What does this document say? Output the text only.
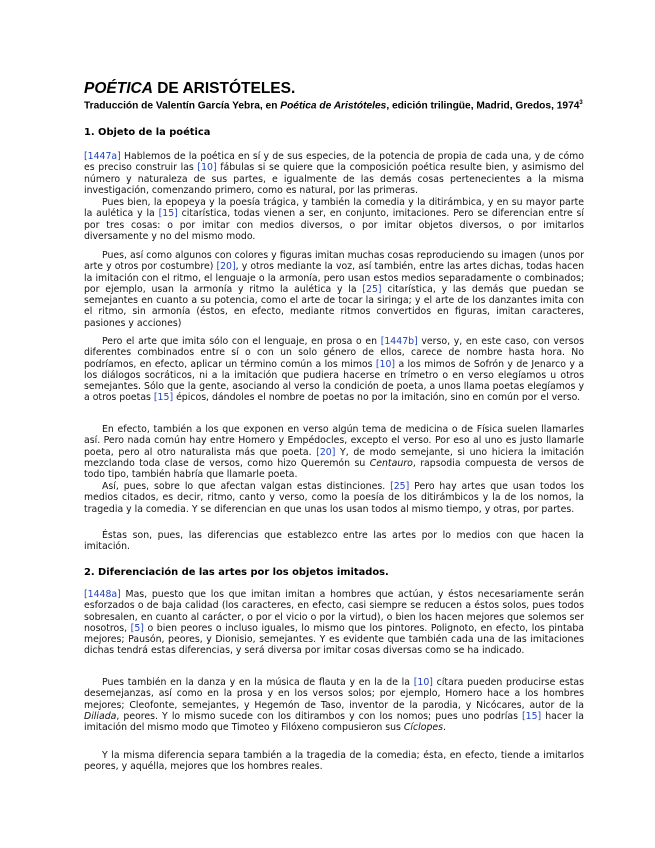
POÉTICA DE ARISTÓTELES.
Traducción de Valentín García Yebra, en Poética de Aristóteles, edición trilingüe, Madrid, Gredos, 1974$^3$
1. Objeto de la poética
[1447a] Hablemos de la poética en sí y de sus especies, de la potencia de propia de cada una, y de cómo es preciso construir las [10] fábulas si se quiere que la composición poética resulte bien, y asimismo del número y naturaleza de sus partes, e igualmente de las demás cosas pertenecientes a la misma investigación, comenzando primero, como es natural, por las primeras.
Pues bien, la epopeya y la poesía trágica, y también la comedia y la ditirámbica, y en su mayor parte la aulética y la [15] citarística, todas vienen a ser, en conjunto, imitaciones. Pero se diferencian entre sí por tres cosas: o por imitar con medios diversos, o por imitar objetos diversos, o por imitarlos diversamente y no del mismo modo.
Pues, así como algunos con colores y figuras imitan muchas cosas reproduciendo su imagen (unos por arte y otros por costumbre) [20], y otros mediante la voz, así también, entre las artes dichas, todas hacen la imitación con el ritmo, el lenguaje o la armonía, pero usan estos medios separadamente o combinados; por ejemplo, usan la armonía y ritmo la aulética y la [25] citarística, y las demás que puedan se semejantes en cuanto a su potencia, como el arte de tocar la siringa; y el arte de los danzantes imita con el ritmo, sin armonía (éstos, en efecto, mediante ritmos convertidos en figuras, imitan caracteres, pasiones y acciones)
Pero el arte que imita sólo con el lenguaje, en prosa o en [1447b] verso, y, en este caso, con versos diferentes combinados entre sí o con un solo género de ellos, carece de nombre hasta hora. No podríamos, en efecto, aplicar un término común a los mimos [10] a los mimos de Sofrón y de Jenarco y a los diálogos socráticos, ni a la imitación que pudiera hacerse en trímetro o en verso elegíamos u otros semejantes. Sólo que la gente, asociando al verso la condición de poeta, a unos llama poetas elegíamos y a otros poetas [15] épicos, dándoles el nombre de poetas no por la imitación, sino en común por el verso.
En efecto, también a los que exponen en verso algún tema de medicina o de Física suelen llamarles así. Pero nada común hay entre Homero y Empédocles, excepto el verso. Por eso al uno es justo llamarle poeta, pero al otro naturalista más que poeta. [20] Y, de modo semejante, si uno hiciera la imitación mezclando toda clase de versos, como hizo Queremón su Centauro, rapsodia compuesta de versos de todo tipo, también habría que llamarle poeta.
Así, pues, sobre lo que afectan valgan estas distinciones. [25] Pero hay artes que usan todos los medios citados, es decir, ritmo, canto y verso, como la poesía de los ditirámbicos y la de los nomos, la tragedia y la comedia. Y se diferencian en que unas los usan todos al mismo tiempo, y otras, por partes.
Éstas son, pues, las diferencias que establezco entre las artes por lo medios con que hacen la imitación.
2. Diferenciación de las artes por los objetos imitados.
[1448a] Mas, puesto que los que imitan imitan a hombres que actúan, y éstos necesariamente serán esforzados o de baja calidad (los caracteres, en efecto, casi siempre se reducen a éstos solos, pues todos sobresalen, en cuanto al carácter, o por el vicio o por la virtud), o bien los hacen mejores que solemos ser nosotros, [5] o bien peores o incluso iguales, lo mismo que los pintores. Polignoto, en efecto, los pintaba mejores; Pausón, peores, y Dionisio, semejantes. Y es evidente que también cada una de las imitaciones dichas tendrá estas diferencias, y será diversa por imitar cosas diversas como se ha indicado.
Pues también en la danza y en la música de flauta y en la de la [10] cítara pueden producirse estas desemejanzas, así como en la prosa y en los versos solos; por ejemplo, Homero hace a los hombres mejores; Cleofonte, semejantes, y Hegemón de Taso, inventor de la parodia, y Nicócares, autor de la Diliada, peores. Y lo mismo sucede con los ditirambos y con los nomos; pues uno podrías [15] hacer la imitación del mismo modo que Timoteo y Filóxeno compusieron sus Cíclopes.
Y la misma diferencia separa también a la tragedia de la comedia; ésta, en efecto, tiende a imitarlos peores, y aquélla, mejores que los hombres reales.
